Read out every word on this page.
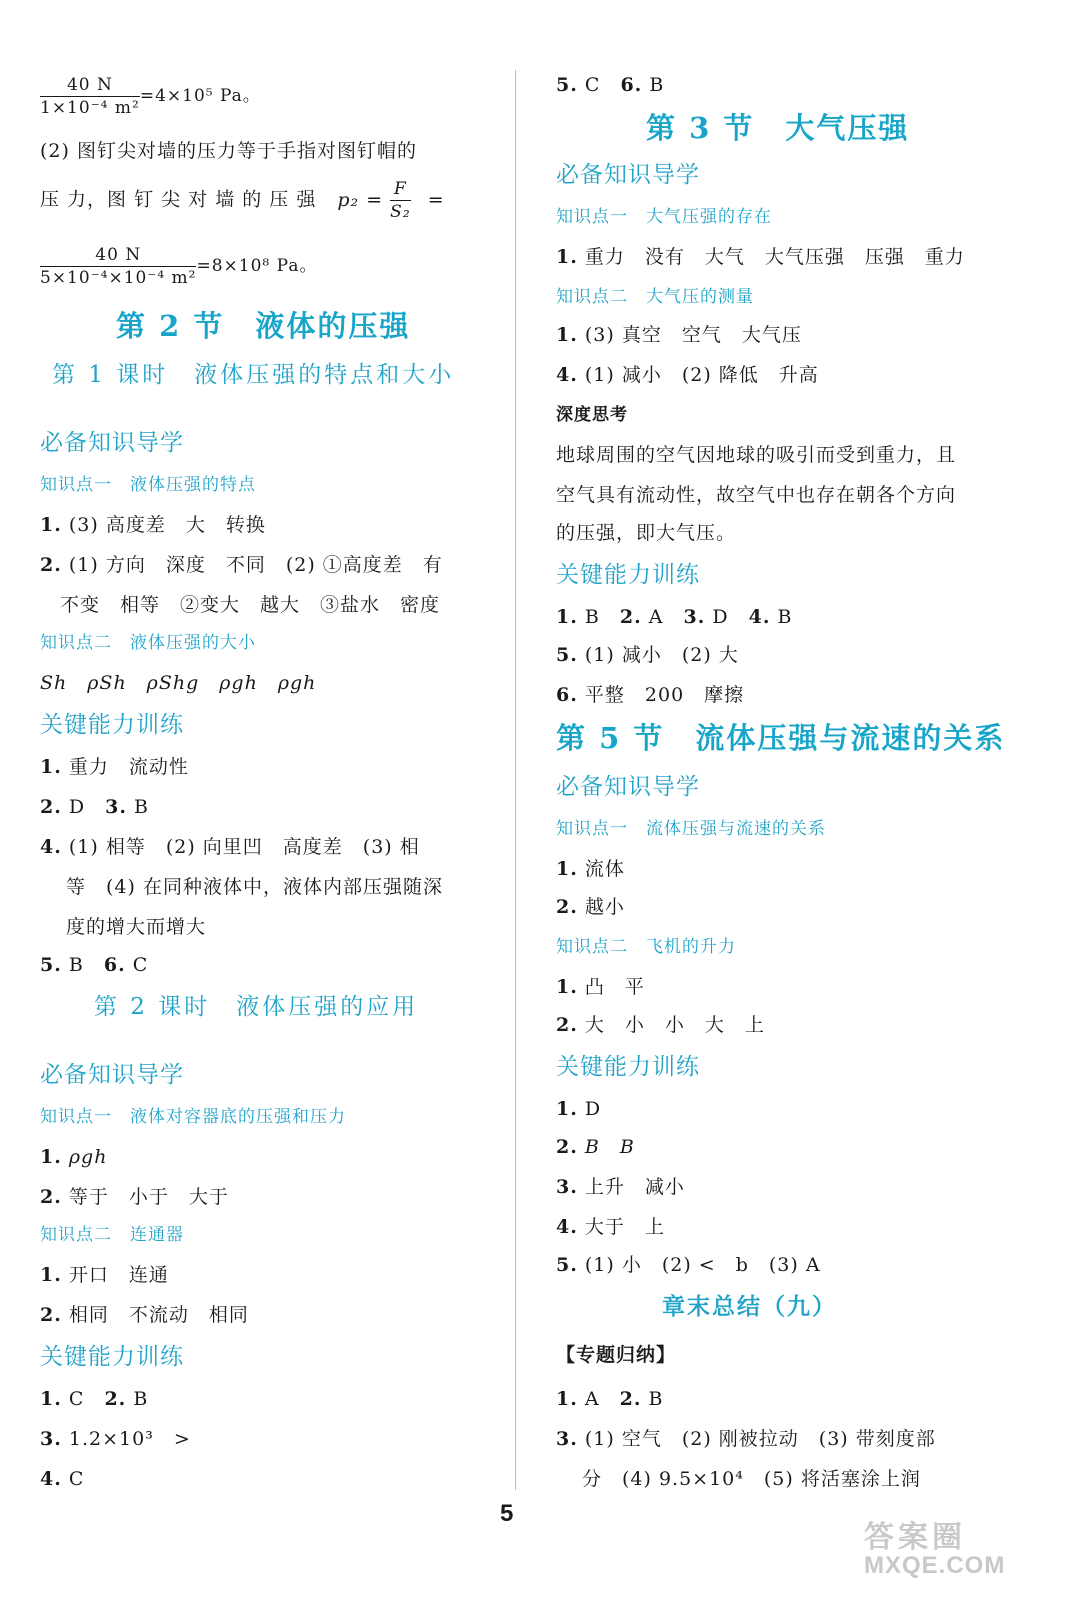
$\frac{40 N}{\text{1×10⁻⁴ m²}} =4\times 10^5$ Pa。
(2) 图钉尖对墙的压力等于手指对图钉帽的
压 力，图 钉 尖 对 墙 的 压 强 $p_2 = \frac{F}{\text{S₂}}$ =
$\frac{40 N}{\text{5×10⁻⁴×10⁻⁴ m²}} =8\times 10^8$ Pa。
第 2 节　液体的压强
第 1 课时　液体压强的特点和大小
必备知识导学
知识点一　液体压强的特点
1. (3) 高度差　大　转换
2. (1) 方向　深度　不同　(2) ①高度差　有
不变　相等　②变大　越大　③盐水　密度
知识点二　液体压强的大小
Sh　ρSh　ρShg　ρgh　ρgh
关键能力训练
1. 重力　流动性
2. D　 3. B
4. (1) 相等　(2) 向里凹　高度差　(3) 相
等　(4) 在同种液体中，液体内部压强随深
度的增大而增大
5. B　 6. C
第 2 课时　液体压强的应用
必备知识导学
知识点一　液体对容器底的压强和压力
1. ρgh
2. 等于　小于　大于
知识点二　连通器
1. 开口　连通
2. 相同　不流动　相同
关键能力训练
1. C　 2. B
3. 1.2×10³　>
4. C
5. C　 6. B
第 3 节　大气压强
必备知识导学
知识点一　大气压强的存在
1. 重力　没有　大气　大气压强　压强　重力
知识点二　大气压的测量
1. (3) 真空　空气　大气压
4. (1) 减小　(2) 降低　升高
深度思考
地球周围的空气因地球的吸引而受到重力，且
空气具有流动性，故空气中也存在朝各个方向
的压强，即大气压。
关键能力训练
1. B　 2. A　 3. D　 4. B
5. (1) 减小　(2) 大
6. 平整　200　摩擦
第 5 节　流体压强与流速的关系
必备知识导学
知识点一　流体压强与流速的关系
1. 流体
2. 越小
知识点二　飞机的升力
1. 凸　平
2. 大　小　小　大　上
关键能力训练
1. D
2. B　B
3. 上升　减小
4. 大于　上
5. (1) 小　(2) <　b　(3) A
章末总结（九）
【专题归纳】
1. A　 2. B
3. (1) 空气　(2) 刚被拉动　(3) 带刻度部
分　(4) 9.5×10⁴　(5) 将活塞涂上润
5
答案圈
MXQE.COM
